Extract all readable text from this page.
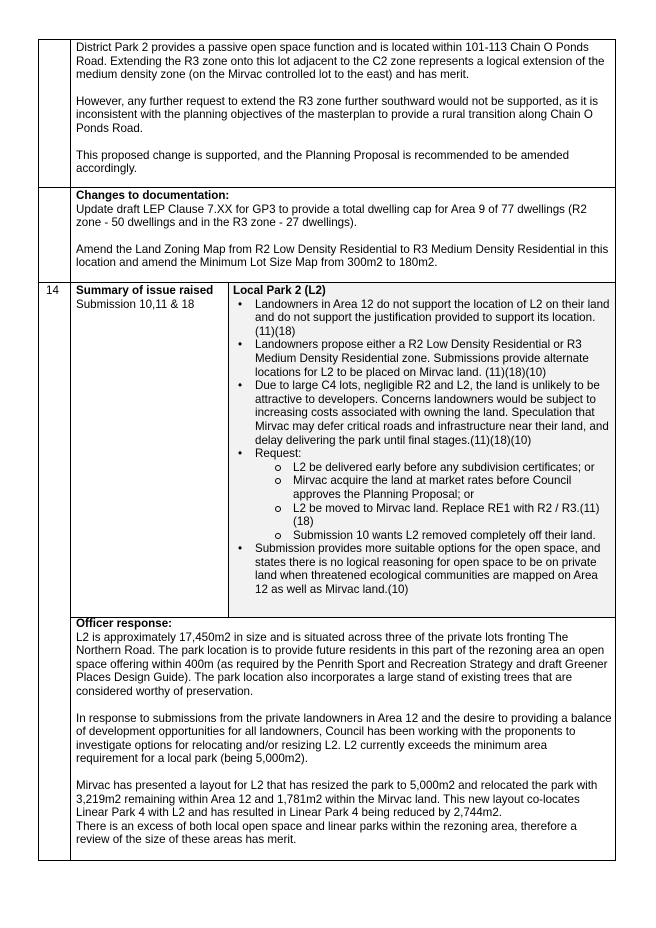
District Park 2 provides a passive open space function and is located within 101-113 Chain O Ponds Road. Extending the R3 zone onto this lot adjacent to the C2 zone represents a logical extension of the medium density zone (on the Mirvac controlled lot to the east) and has merit.

However, any further request to extend the R3 zone further southward would not be supported, as it is inconsistent with the planning objectives of the masterplan to provide a rural transition along Chain O Ponds Road.

This proposed change is supported, and the Planning Proposal is recommended to be amended accordingly.

Changes to documentation:

Update draft LEP Clause 7.XX for GP3 to provide a total dwelling cap for Area 9 of 77 dwellings (R2 zone - 50 dwellings and in the R3 zone - 27 dwellings).

Amend the Land Zoning Map from R2 Low Density Residential to R3 Medium Density Residential in this location and amend the Minimum Lot Size Map from 300m2 to 180m2.

14	Summary of issue raised

Submission 10,11 & 18

Local Park 2 (L2)

• Landowners in Area 12 do not support the location of L2 on their land and do not support the justification provided to support its location. (11)(18)
• Landowners propose either a R2 Low Density Residential or R3 Medium Density Residential zone. Submissions provide alternate locations for L2 to be placed on Mirvac land. (11)(18)(10)
• Due to large C4 lots, negligible R2 and L2, the land is unlikely to be attractive to developers. Concerns landowners would be subject to increasing costs associated with owning the land. Speculation that Mirvac may defer critical roads and infrastructure near their land, and delay delivering the park until final stages.(11)(18)(10)
• Request:
L2 be delivered early before any subdivision certificates; or
Mirvac acquire the land at market rates before Council approves the Planning Proposal; or
L2 be moved to Mirvac land. Replace RE1 with R2 / R3.(11)(18)
Submission 10 wants L2 removed completely off their land.
• Submission provides more suitable options for the open space, and states there is no logical reasoning for open space to be on private land when threatened ecological communities are mapped on Area 12 as well as Mirvac land.(10)

Officer response:

L2 is approximately 17,450m2 in size and is situated across three of the private lots fronting The Northern Road. The park location is to provide future residents in this part of the rezoning area an open space offering within 400m (as required by the Penrith Sport and Recreation Strategy and draft Greener Places Design Guide). The park location also incorporates a large stand of existing trees that are considered worthy of preservation.

In response to submissions from the private landowners in Area 12 and the desire to providing a balance of development opportunities for all landowners, Council has been working with the proponents to investigate options for relocating and/or resizing L2. L2 currently exceeds the minimum area requirement for a local park (being 5,000m2).

Mirvac has presented a layout for L2 that has resized the park to 5,000m2 and relocated the park with 3,219m2 remaining within Area 12 and 1,781m2 within the Mirvac land. This new layout co-locates Linear Park 4 with L2 and has resulted in Linear Park 4 being reduced by 2,744m2.

There is an excess of both local open space and linear parks within the rezoning area, therefore a review of the size of these areas has merit.
